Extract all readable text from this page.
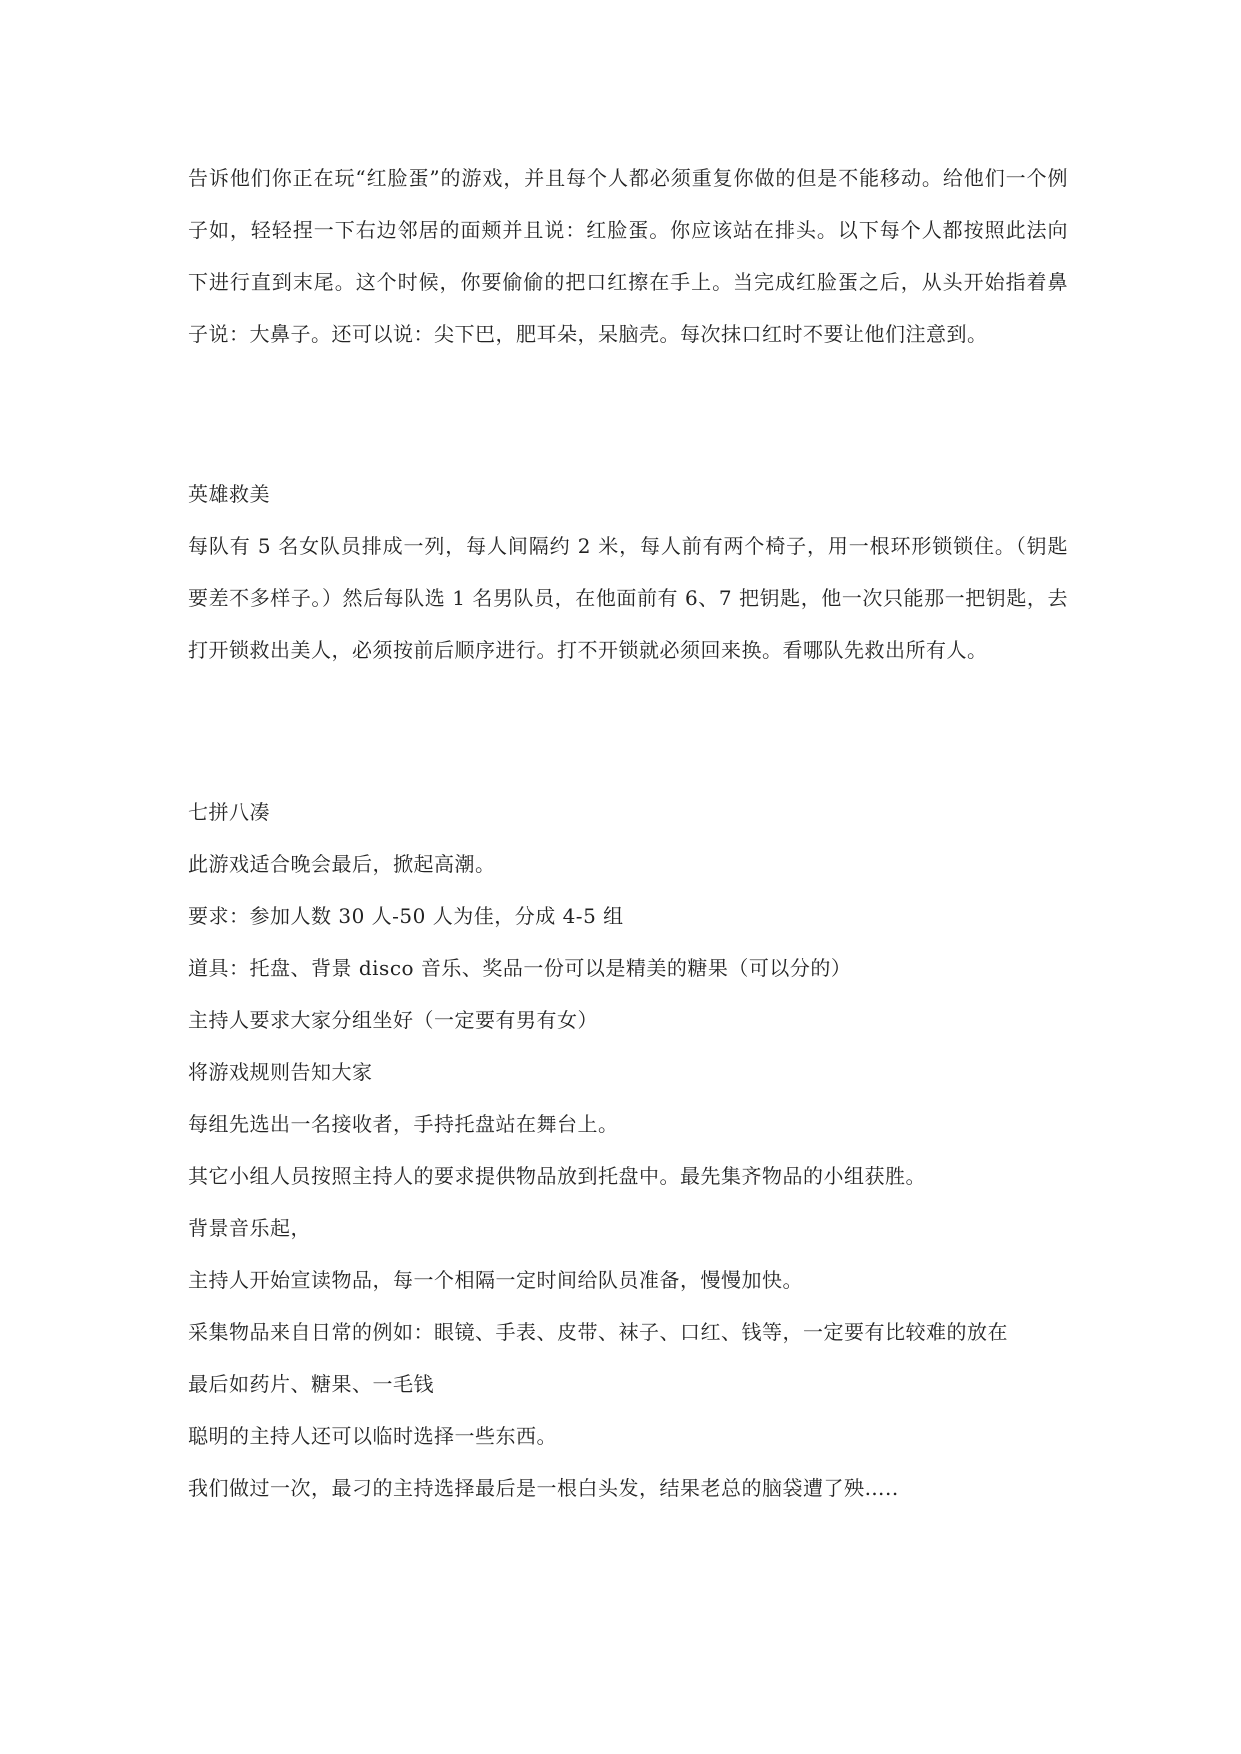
告诉他们你正在玩“红脸蛋”的游戏，并且每个人都必须重复你做的但是不能移动。给他们一个例子如，轻轻捏一下右边邻居的面颊并且说：红脸蛋。你应该站在排头。以下每个人都按照此法向下进行直到末尾。这个时候，你要偷偷的把口红擦在手上。当完成红脸蛋之后，从头开始指着鼻子说：大鼻子。还可以说：尖下巴，肥耳朵，呆脑壳。每次抹口红时不要让他们注意到。

英雄救美

每队有 5 名女队员排成一列，每人间隔约 2 米，每人前有两个椅子，用一根环形锁锁住。（钥匙要差不多样子。）然后每队选 1 名男队员，在他面前有 6、7 把钥匙，他一次只能那一把钥匙，去打开锁救出美人，必须按前后顺序进行。打不开锁就必须回来换。看哪队先救出所有人。

七拼八凑

此游戏适合晚会最后，掀起高潮。

要求：参加人数 30 人-50 人为佳，分成 4-5 组

道具：托盘、背景 disco 音乐、奖品一份可以是精美的糖果（可以分的）

主持人要求大家分组坐好（一定要有男有女）

将游戏规则告知大家

每组先选出一名接收者，手持托盘站在舞台上。

其它小组人员按照主持人的要求提供物品放到托盘中。最先集齐物品的小组获胜。

背景音乐起，

主持人开始宣读物品，每一个相隔一定时间给队员准备，慢慢加快。

采集物品来自日常的例如：眼镜、手表、皮带、袜子、口红、钱等，一定要有比较难的放在

最后如药片、糖果、一毛钱

聪明的主持人还可以临时选择一些东西。

我们做过一次，最刁的主持选择最后是一根白头发，结果老总的脑袋遭了殃…..
